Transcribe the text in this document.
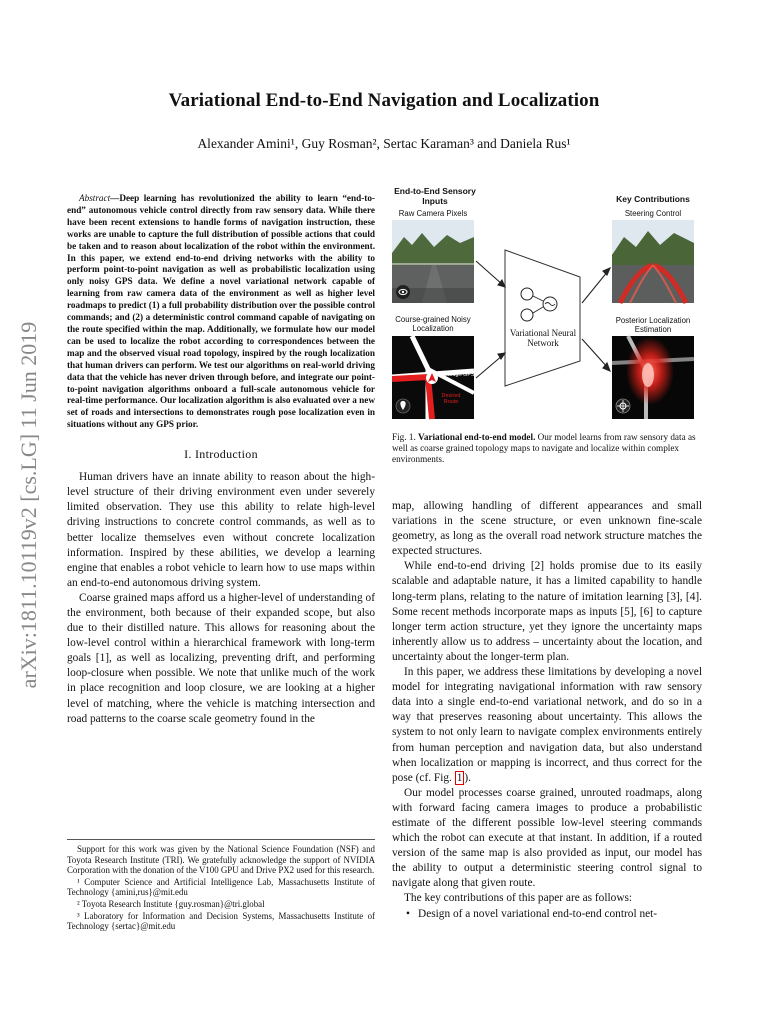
Variational End-to-End Navigation and Localization
Alexander Amini¹, Guy Rosman², Sertac Karaman³ and Daniela Rus¹
arXiv:1811.10119v2 [cs.LG] 11 Jun 2019

Abstract—Deep learning has revolutionized the ability to learn “end-to-end” autonomous vehicle control directly from raw sensory data. While there have been recent extensions to handle forms of navigation instruction, these works are unable to capture the full distribution of possible actions that could be taken and to reason about localization of the robot within the environment. In this paper, we extend end-to-end driving networks with the ability to perform point-to-point navigation as well as probabilistic localization using only noisy GPS data. We define a novel variational network capable of learning from raw camera data of the environment as well as higher level roadmaps to predict (1) a full probability distribution over the possible control commands; and (2) a deterministic control command capable of navigating on the route specified within the map. Additionally, we formulate how our model can be used to localize the robot according to correspondences between the map and the observed visual road topology, inspired by the rough localization that human drivers can perform. We test our algorithms on real-world driving data that the vehicle has never driven through before, and integrate our point-to-point navigation algorithms onboard a full-scale autonomous vehicle for real-time performance. Our localization algorithm is also evaluated over a new set of roads and intersections to demonstrates rough pose localization even in situations without any GPS prior.

I. Introduction

Human drivers have an innate ability to reason about the high-level structure of their driving environment even under severely limited observation. They use this ability to relate high-level driving instructions to concrete control commands, as well as to better localize themselves even without concrete localization information. Inspired by these abilities, we develop a learning engine that enables a robot vehicle to learn how to use maps within an end-to-end autonomous driving system.

Coarse grained maps afford us a higher-level of understanding of the environment, both because of their expanded scope, but also due to their distilled nature. This allows for reasoning about the low-level control within a hierarchical framework with long-term goals [1], as well as localizing, preventing drift, and performing loop-closure when possible. We note that unlike much of the work in place recognition and loop closure, we are looking at a higher level of matching, where the vehicle is matching intersection and road patterns to the coarse scale geometry found in the

Support for this work was given by the National Science Foundation (NSF) and Toyota Research Institute (TRI). We gratefully acknowledge the support of NVIDIA Corporation with the donation of the V100 GPU and Drive PX2 used for this research.

¹ Computer Science and Artificial Intelligence Lab, Massachusetts Institute of Technology {amini,rus}@mit.edu

² Toyota Research Institute {guy.rosman}@tri.global

³ Laboratory for Information and Decision Systems, Massachusetts Institute of Technology {sertac}@mit.edu

End-to-End Sensory Inputs
Raw Camera Pixels
Course-grained Noisy Localization
Rough GPS
Desired Route
Variational Neural Network
Key Contributions
Steering Control
Posterior Localization Estimation
Fig. 1. Variational end-to-end model. Our model learns from raw sensory data as well as coarse grained topology maps to navigate and localize within complex environments.

map, allowing handling of different appearances and small variations in the scene structure, or even unknown fine-scale geometry, as long as the overall road network structure matches the expected structures.

While end-to-end driving [2] holds promise due to its easily scalable and adaptable nature, it has a limited capability to handle long-term plans, relating to the nature of imitation learning [3], [4]. Some recent methods incorporate maps as inputs [5], [6] to capture longer term action structure, yet they ignore the uncertainty maps inherently allow us to address – uncertainty about the location, and uncertainty about the longer-term plan.

In this paper, we address these limitations by developing a novel model for integrating navigational information with raw sensory data into a single end-to-end variational network, and do so in a way that preserves reasoning about uncertainty. This allows the system to not only learn to navigate complex environments entirely from human perception and navigation data, but also understand when localization or mapping is incorrect, and thus correct for the pose (cf. Fig. 1 ).

Our model processes coarse grained, unrouted roadmaps, along with forward facing camera images to produce a probabilistic estimate of the different possible low-level steering commands which the robot can execute at that instant. In addition, if a routed version of the same map is also provided as input, our model has the ability to output a deterministic steering control signal to navigate along that given route.

The key contributions of this paper are as follows:

• Design of a novel variational end-to-end control net-
